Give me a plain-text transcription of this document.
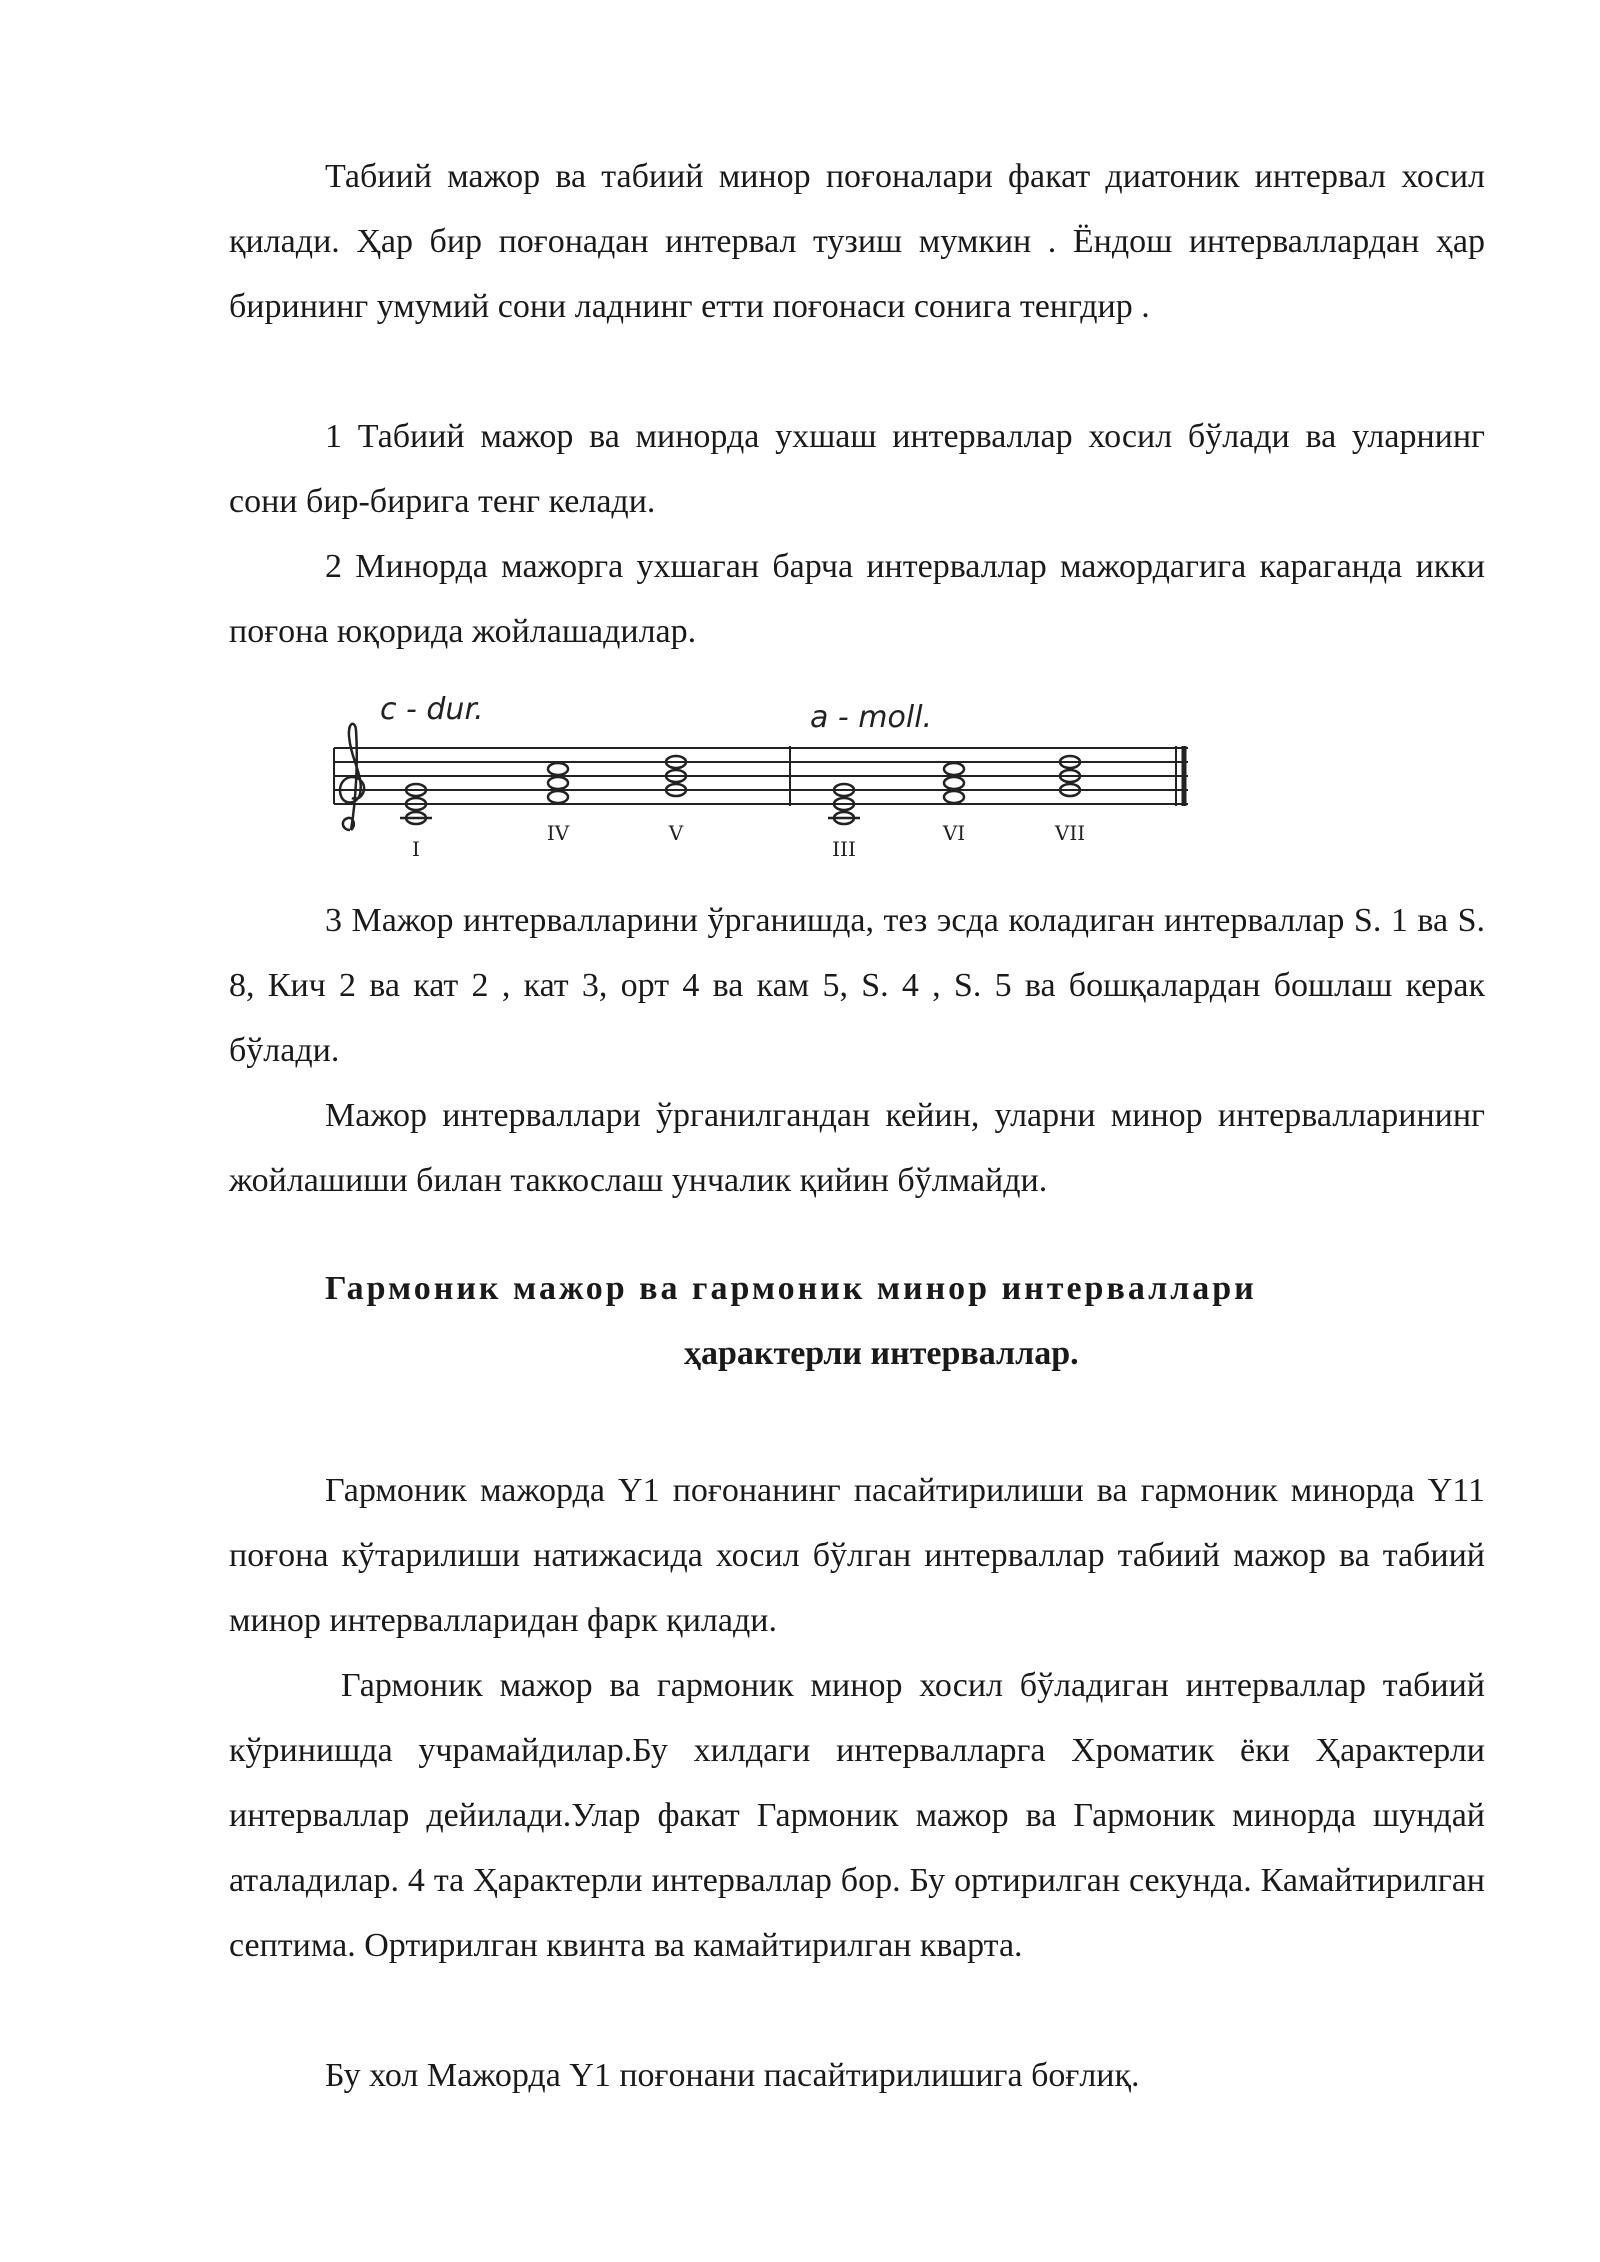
Табиий мажор ва табиий минор поғоналари факат диатоник интервал хосил қилади. Ҳар бир поғонадан интервал тузиш мумкин . Ёндош интерваллардан ҳар бирининг умумий сони ладнинг етти поғонаси сонига тенгдир .

1 Табиий мажор ва минорда ухшаш интерваллар хосил бўлади ва уларнинг сони бир-бирига тенг келади.

2 Минорда мажорга ухшаган барча интерваллар мажордагига караганда икки поғона юқорида жойлашадилар.

c - dur.	a - moll.
I
IV	V
III
VI	VII

3 Мажор интервалларини ўрганишда, тез эсда коладиган интерваллар S. 1 ва S. 8, Кич 2 ва кат 2 , кат 3, орт 4 ва кам 5, S. 4 , S. 5 ва бошқалардан бошлаш керак бўлади.

Мажор интерваллари ўрганилгандан кейин, уларни минор интервалларининг жойлашиши билан таккослаш унчалик қийин бўлмайди.

Гармоник мажор ва гармоник минор интерваллари

ҳарактерли интерваллар.

Гармоник мажорда Y1 поғонанинг пасайтирилиши ва гармоник минорда Y11 поғона кўтарилиши натижасида хосил бўлган интерваллар табиий мажор ва табиий минор интервалларидан фарк қилади.

Гармоник мажор ва гармоник минор хосил бўладиган интерваллар табиий кўринишда учрамайдилар.Бу хилдаги интервалларга Хроматик ёки Ҳарактерли интерваллар дейилади.Улар факат Гармоник мажор ва Гармоник минорда шундай аталадилар. 4 та Ҳарактерли интерваллар бор. Бу ортирилган секунда. Камайтирилган септима. Ортирилган квинта ва камайтирилган кварта.

Бу хол Мажорда Y1 поғонани пасайтирилишига боғлиқ.
